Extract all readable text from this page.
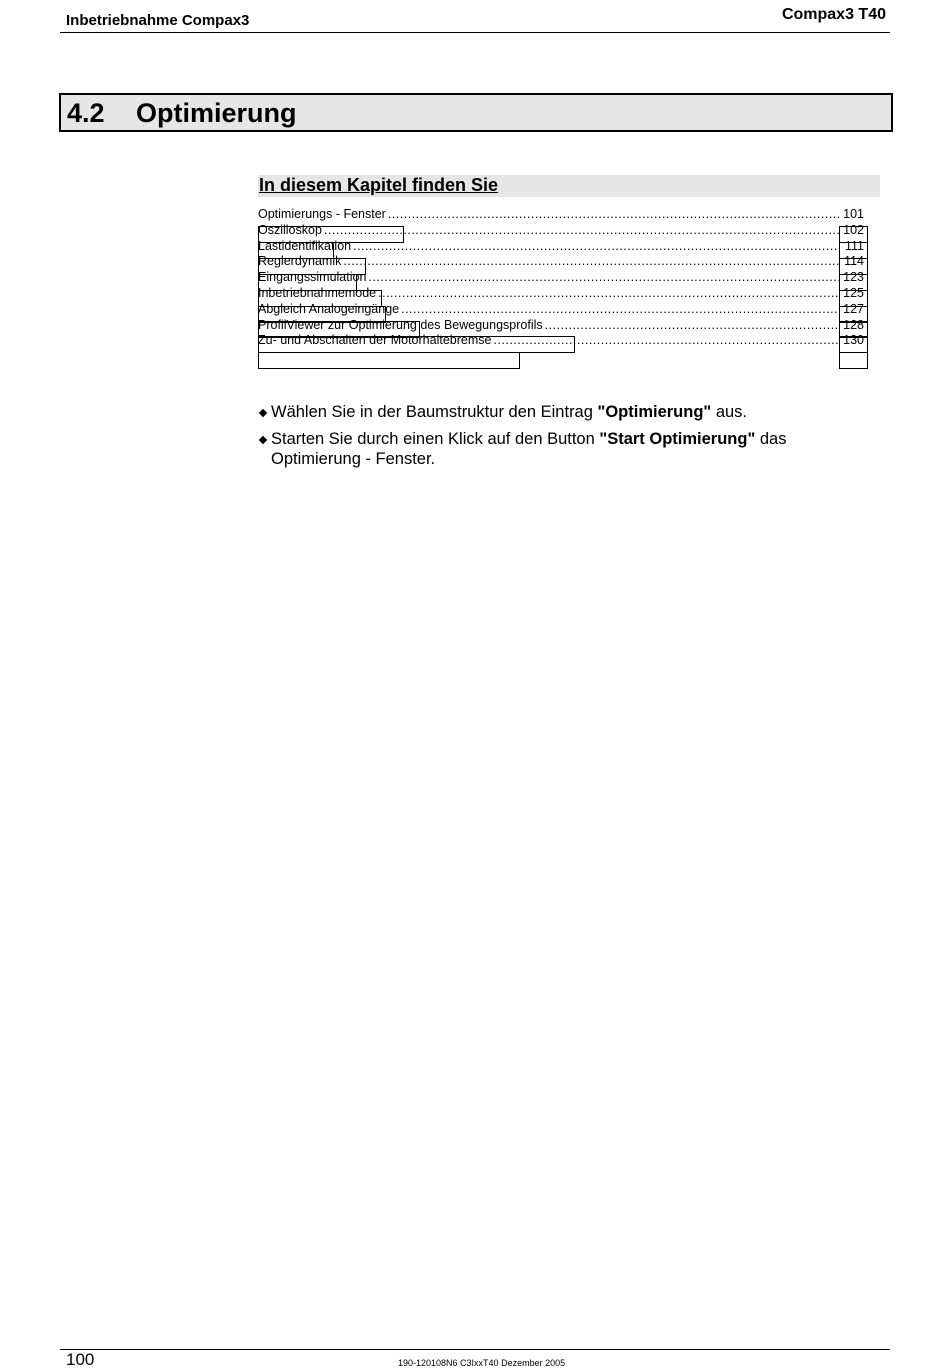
Inbetriebnahme Compax3	Compax3 T40
4.2 Optimierung
In diesem Kapitel finden Sie
Optimierungs - Fenster .....	101
Oszilloskop .....	102
Lastidentifikation .....	111
Reglerdynamik .....	114
Eingangssimulation .....	123
Inbetriebnahmemode .....	125
Abgleich Analogeingänge .....	127
ProfilViewer zur Optimierung des Bewegungsprofils .....	128
Zu- und Abschalten der Motorhaltebremse .....	130
Wählen Sie in der Baumstruktur den Eintrag "Optimierung" aus.
Starten Sie durch einen Klick auf den Button "Start Optimierung" das Optimierung - Fenster.
100	190-120108N6 C3IxxT40 Dezember 2005
